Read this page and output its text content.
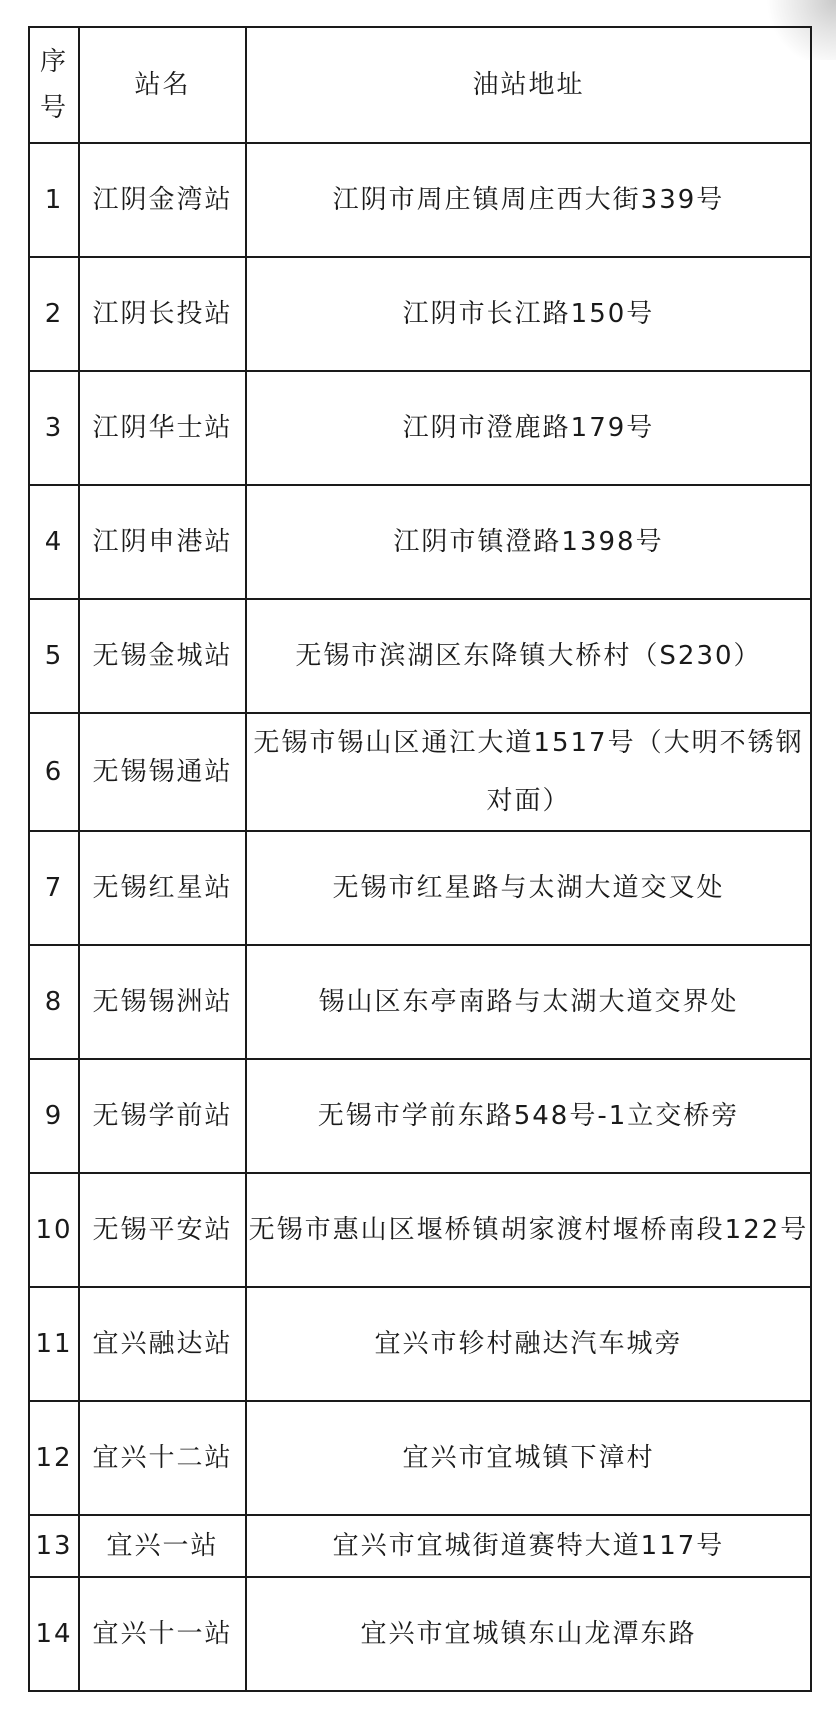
序
号	站名	油站地址
1	江阴金湾站	江阴市周庄镇周庄西大街339号
2	江阴长投站	江阴市长江路150号
3	江阴华士站	江阴市澄鹿路179号
4	江阴申港站	江阴市镇澄路1398号
5	无锡金城站	无锡市滨湖区东降镇大桥村（S230）
6	无锡锡通站	无锡市锡山区通江大道1517号（大明不锈钢对面）
7	无锡红星站	无锡市红星路与太湖大道交叉处
8	无锡锡洲站	锡山区东亭南路与太湖大道交界处
9	无锡学前站	无锡市学前东路548号-1立交桥旁
10	无锡平安站	无锡市惠山区堰桥镇胡家渡村堰桥南段122号
11	宜兴融达站	宜兴市轸村融达汽车城旁
12	宜兴十二站	宜兴市宜城镇下漳村
13	宜兴一站	宜兴市宜城街道赛特大道117号
14	宜兴十一站	宜兴市宜城镇东山龙潭东路
